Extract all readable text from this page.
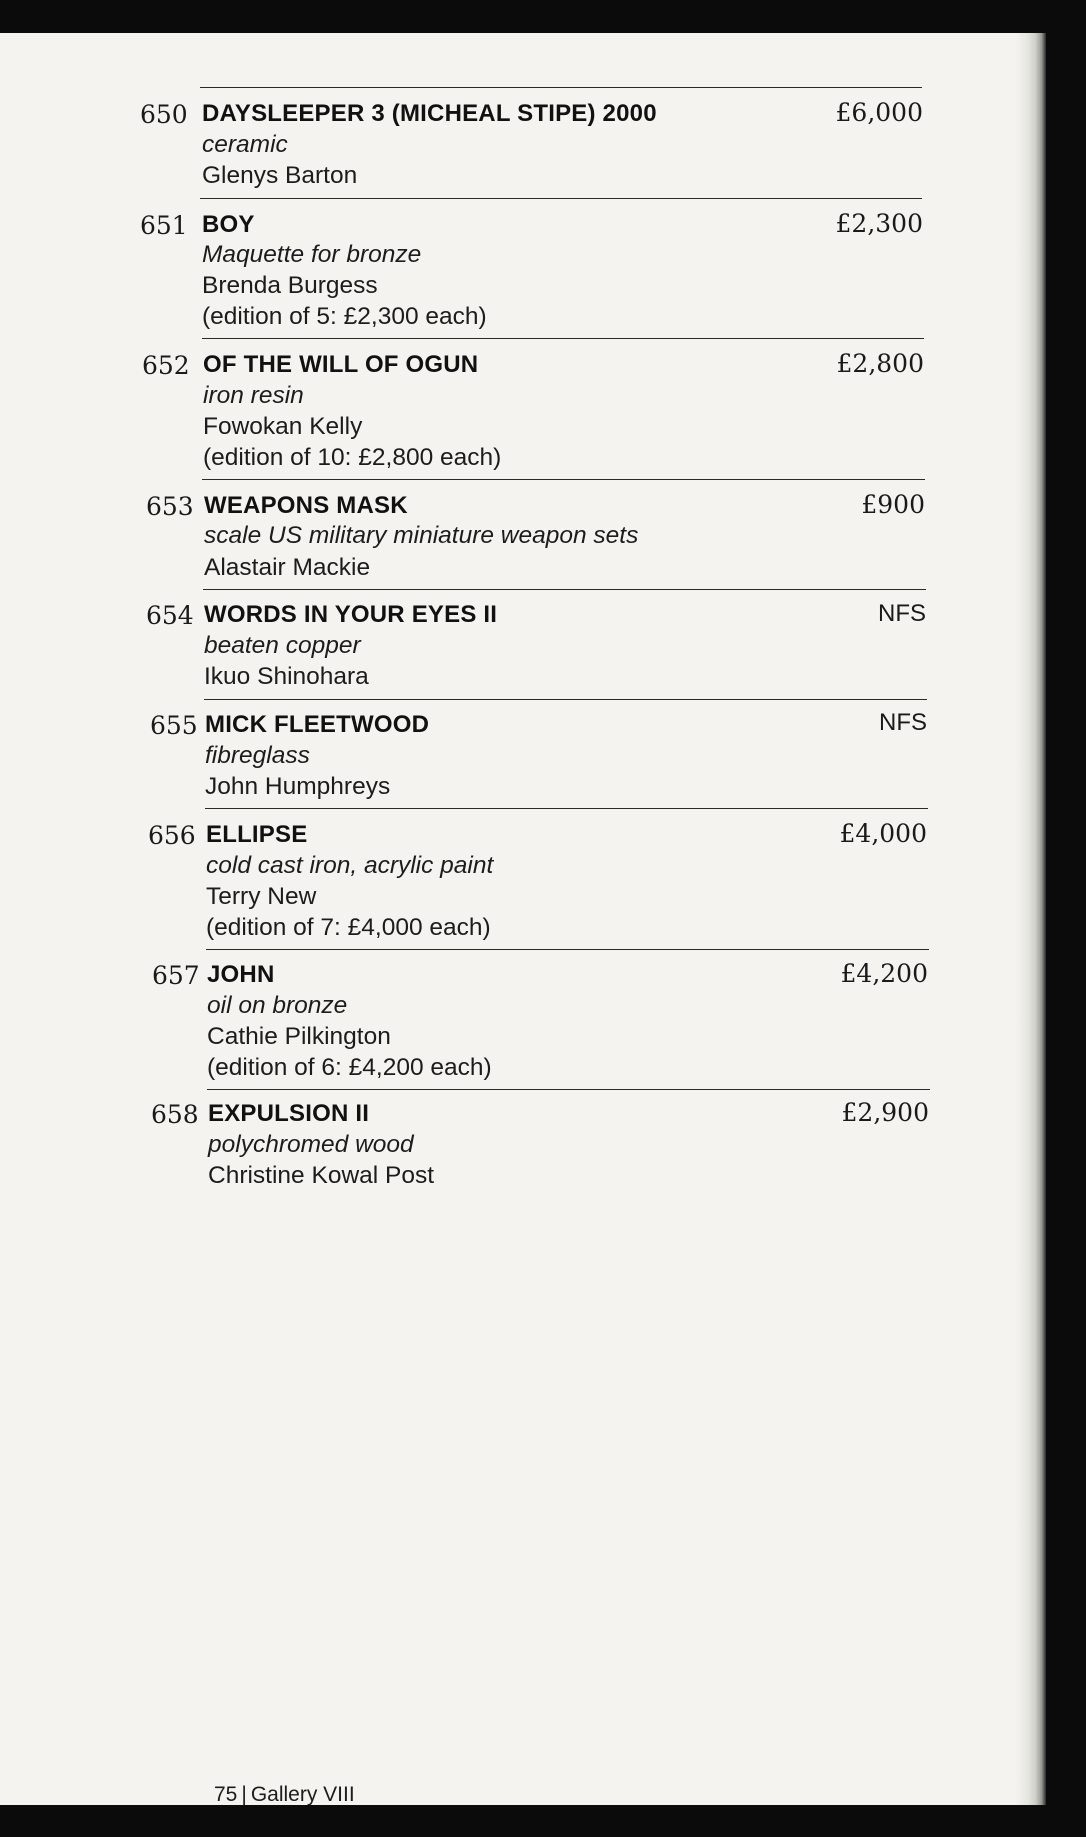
650 DAYSLEEPER 3 (MICHEAL STIPE) 2000	£6,000
ceramic
Glenys Barton
651 BOY	£2,300
Maquette for bronze
Brenda Burgess
(edition of 5: £2,300 each)
652 OF THE WILL OF OGUN	£2,800
iron resin
Fowokan Kelly
(edition of 10: £2,800 each)
653 WEAPONS MASK	£900
scale US military miniature weapon sets
Alastair Mackie
654 WORDS IN YOUR EYES II	NFS
beaten copper
Ikuo Shinohara
655 MICK FLEETWOOD	NFS
fibreglass
John Humphreys
656 ELLIPSE	£4,000
cold cast iron, acrylic paint
Terry New
(edition of 7: £4,000 each)
657 JOHN	£4,200
oil on bronze
Cathie Pilkington
(edition of 6: £4,200 each)
658 EXPULSION II	£2,900
polychromed wood
Christine Kowal Post
75 | Gallery VIII
